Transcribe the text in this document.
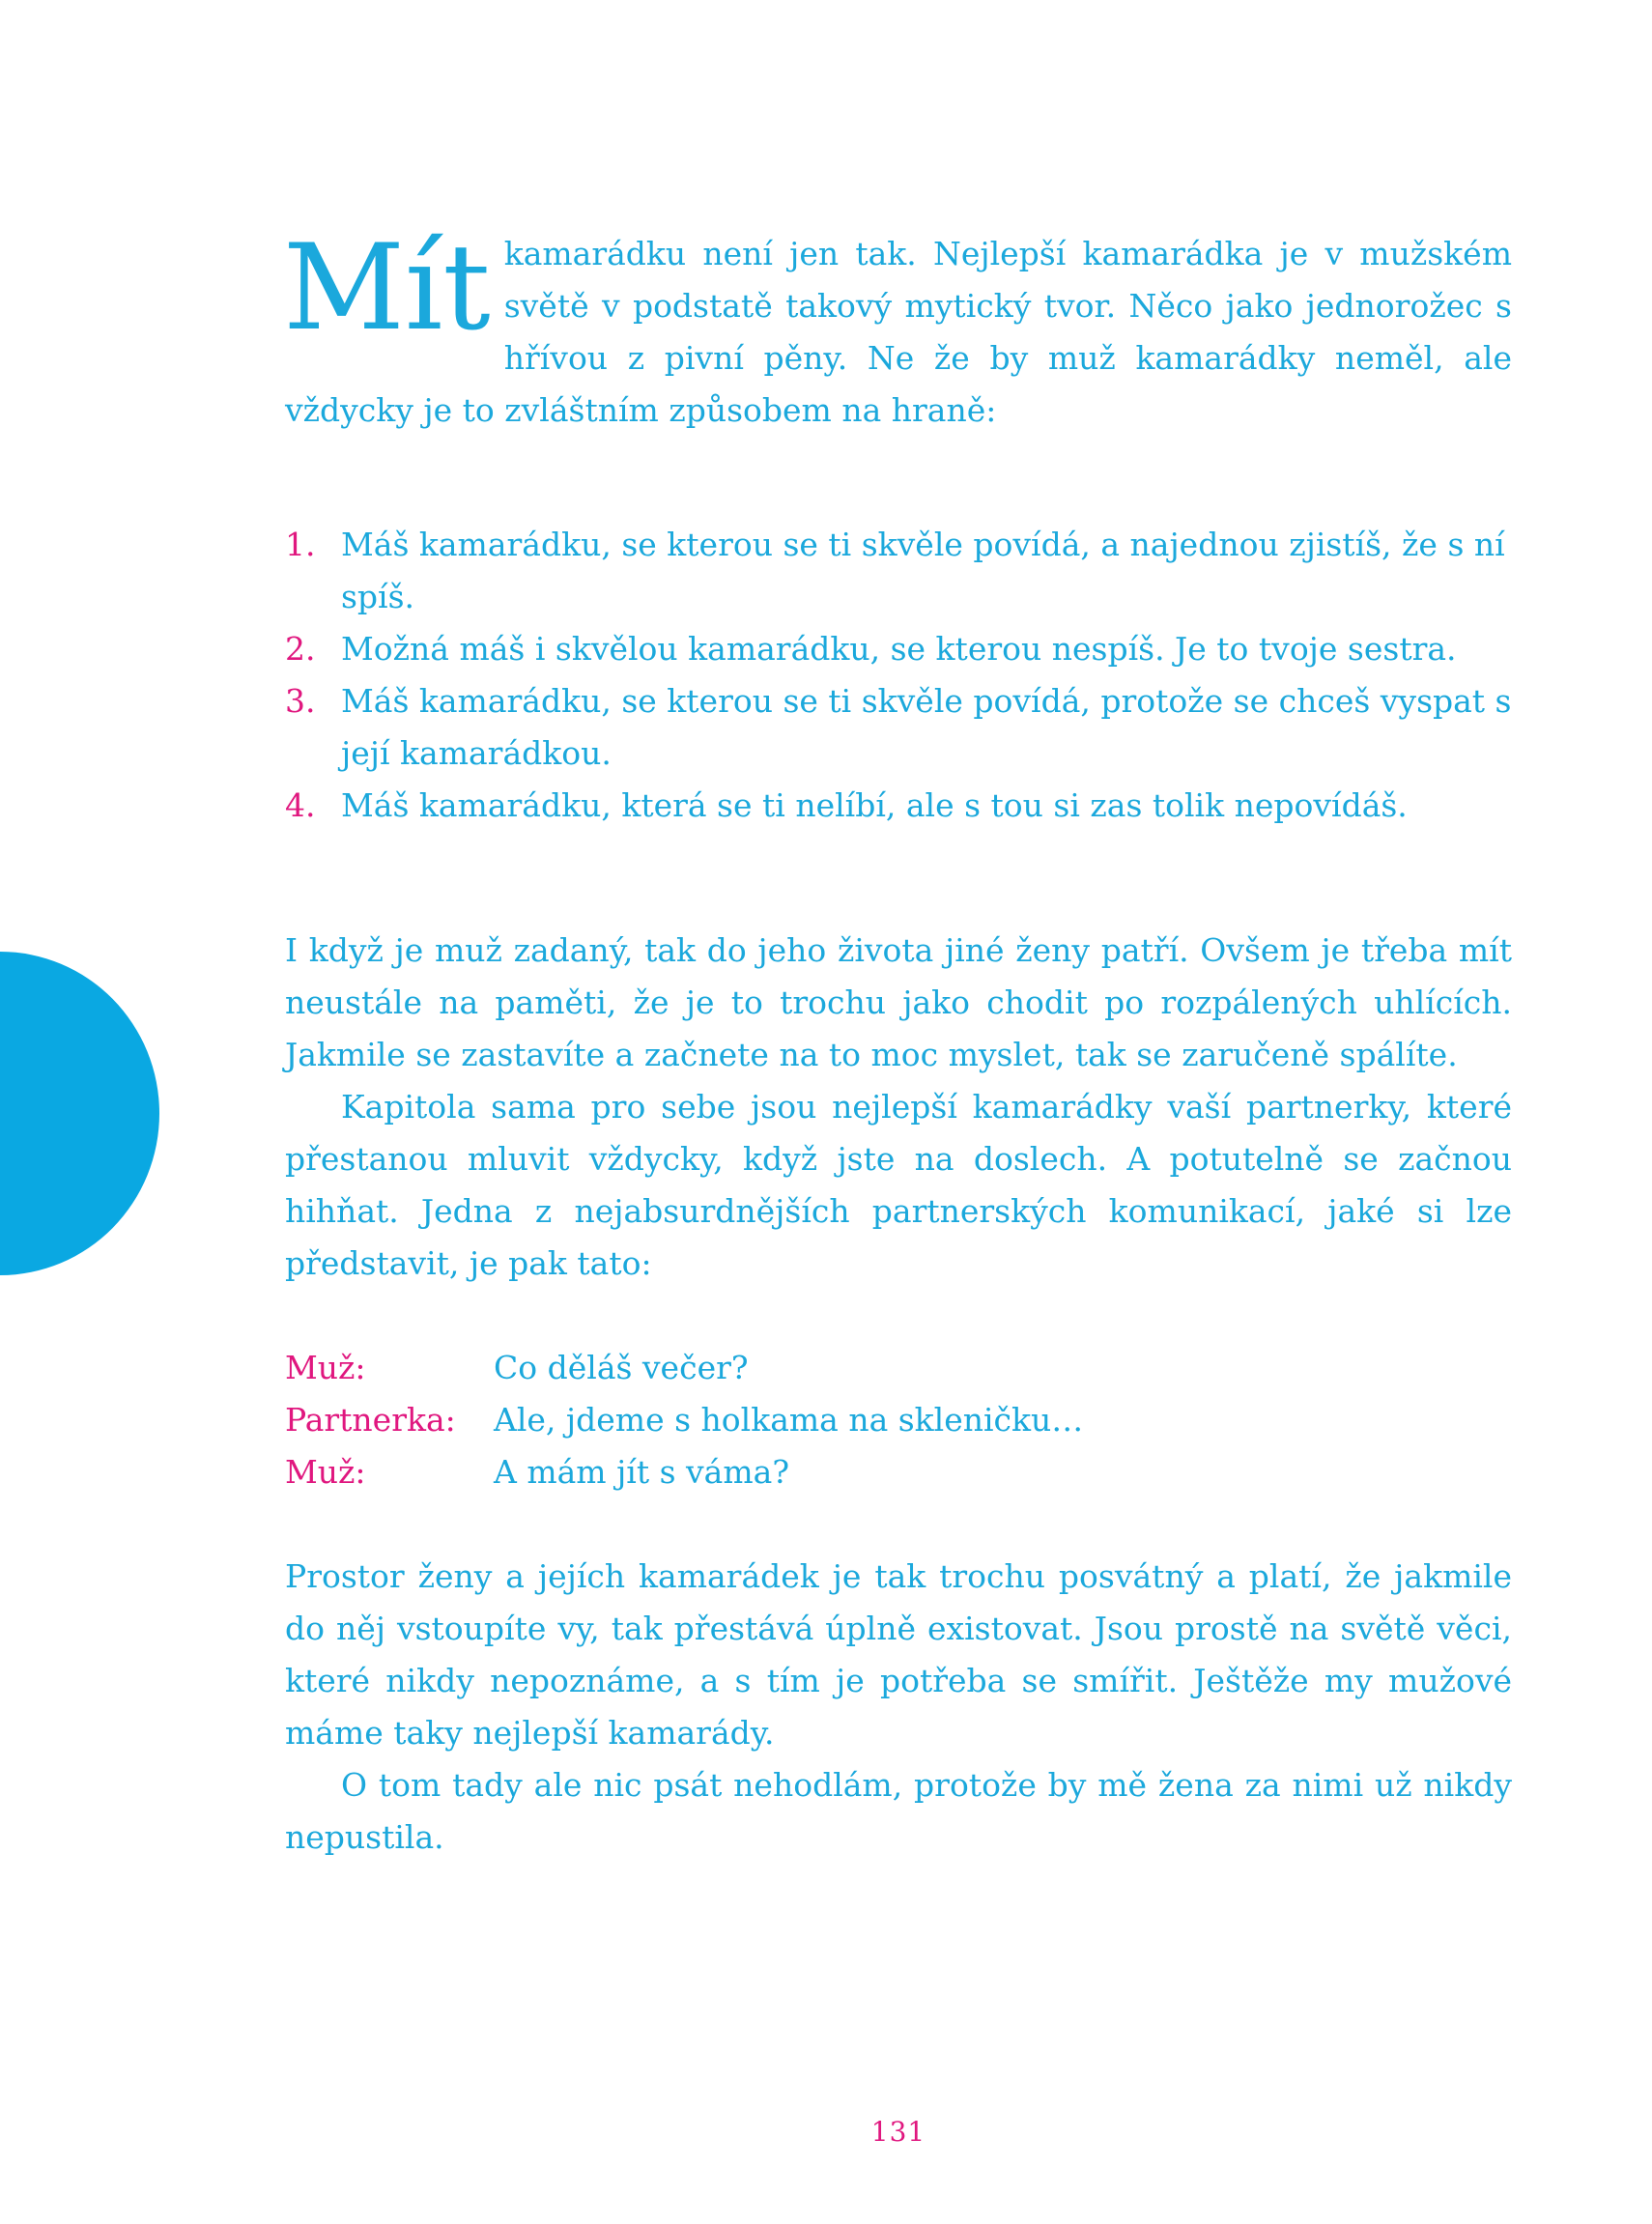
Mít kamarádku není jen tak. Nejlepší kamarádka je v mužském světě v podstatě takový mytický tvor. Něco jako jednorožec s hřívou z pivní pěny. Ne že by muž kamarádky neměl, ale vždycky je to zvláštním způsobem na hraně:

1. Máš kamarádku, se kterou se ti skvěle povídá, a najednou zjistíš, že s ní spíš.
2. Možná máš i skvělou kamarádku, se kterou nespíš. Je to tvoje sestra.
3. Máš kamarádku, se kterou se ti skvěle povídá, protože se chceš vyspat s její kamarádkou.
4. Máš kamarádku, která se ti nelíbí, ale s tou si zas tolik nepovídáš.

I když je muž zadaný, tak do jeho života jiné ženy patří. Ovšem je třeba mít neustále na paměti, že je to trochu jako chodit po rozpálených uhlících. Jakmile se zastavíte a začnete na to moc myslet, tak se zaručeně spálíte.

Kapitola sama pro sebe jsou nejlepší kamarádky vaší partnerky, které přestanou mluvit vždycky, když jste na doslech. A potutelně se začnou hihňat. Jedna z nejabsurdnějších partnerských komunikací, jaké si lze představit, je pak tato:

Muž:	Co děláš večer?
Partnerka:	Ale, jdeme s holkama na skleničku…
Muž:	A mám jít s váma?

Prostor ženy a jejích kamarádek je tak trochu posvátný a platí, že jakmile do něj vstoupíte vy, tak přestává úplně existovat. Jsou prostě na světě věci, které nikdy nepoznáme, a s tím je potřeba se smířit. Ještěže my mužové máme taky nejlepší kamarády.

O tom tady ale nic psát nehodlám, protože by mě žena za nimi už nikdy nepustila.

131
